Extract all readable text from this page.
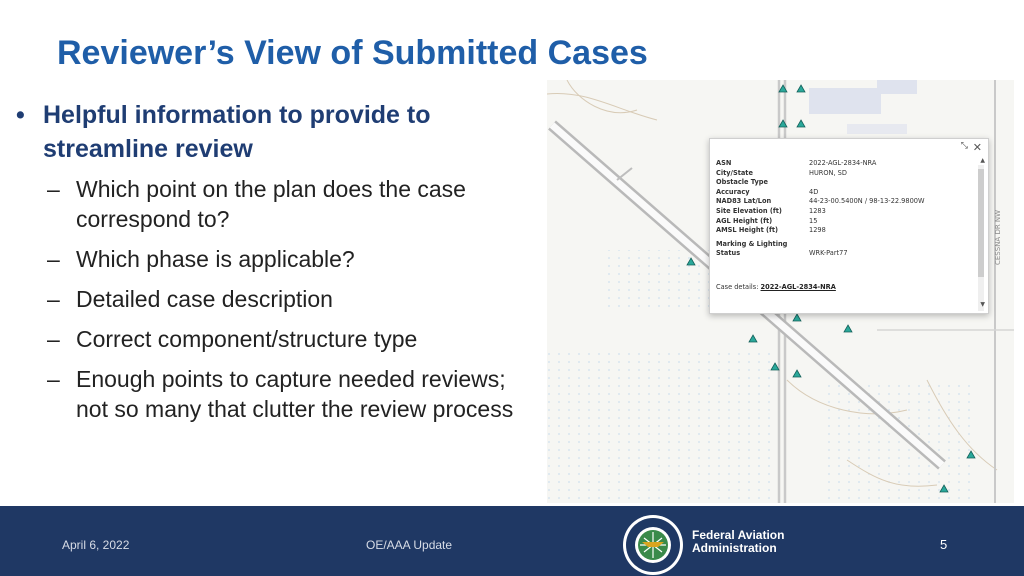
Reviewer’s View of Submitted Cases
• Helpful information to provide to streamline review
– Which point on the plan does the case correspond to?
– Which phase is applicable?
– Detailed case description
– Correct component/structure type
– Enough points to capture needed reviews; not so many that clutter the review process
CESSNA DR NW
⤡ ✕
ASN	2022-AGL-2834-NRA
City/State	HURON, SD
Obstacle Type	
Accuracy	4D
NAD83 Lat/Lon	44-23-00.5400N / 98-13-22.9800W
Site Elevation (ft)	1283
AGL Height (ft)	15
AMSL Height (ft)	1298
Marking & Lighting	
Status	WRK-Part77
Case details: 2022-AGL-2834-NRA
▲
▼
April 6, 2022	OE/AAA Update
Federal Aviation
Administration	5
